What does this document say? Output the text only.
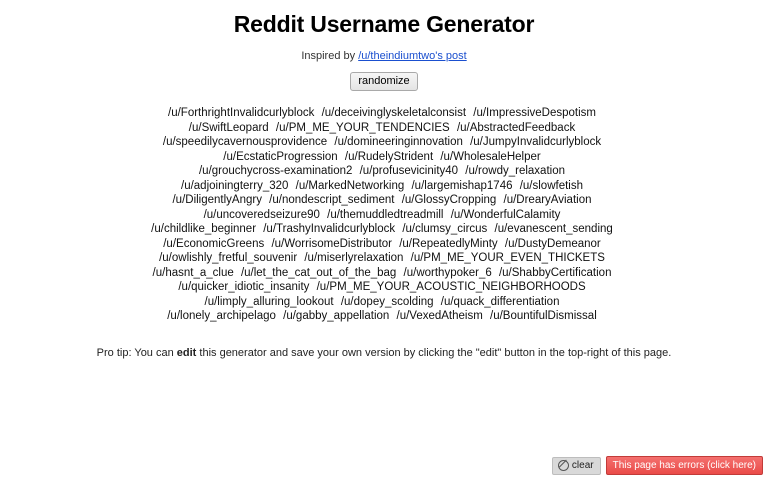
Reddit Username Generator

Inspired by /u/theindiumtwo's post

randomize
/u/ForthrightInvalidcurlyblock /u/deceivinglyskeletalconsist /u/ImpressiveDespotism /u/SwiftLeopard /u/PM_ME_YOUR_TENDENCIES /u/AbstractedFeedback /u/speedilycavernousprovidence /u/domineeringinnovation /u/JumpyInvalidcurlyblock /u/EcstaticProgression /u/RudelyStrident /u/WholesaleHelper /u/grouchycross-examination2 /u/profusevicinity40 /u/rowdy_relaxation /u/adjoiningterry_320 /u/MarkedNetworking /u/largemishap1746 /u/slowfetish /u/DiligentlyAngry /u/nondescript_sediment /u/GlossyCropping /u/DrearyAviation /u/uncoveredseizure90 /u/themuddledtreadmill /u/WonderfulCalamity /u/childlike_beginner /u/TrashyInvalidcurlyblock /u/clumsy_circus /u/evanescent_sending /u/EconomicGreens /u/WorrisomeDistributor /u/RepeatedlyMinty /u/DustyDemeanor /u/owlishly_fretful_souvenir /u/miserlyrelaxation /u/PM_ME_YOUR_EVEN_THICKETS /u/hasnt_a_clue /u/let_the_cat_out_of_the_bag /u/worthypoker_6 /u/ShabbyCertification /u/quicker_idiotic_insanity /u/PM_ME_YOUR_ACOUSTIC_NEIGHBORHOODS /u/limply_alluring_lookout /u/dopey_scolding /u/quack_differentiation /u/lonely_archipelago /u/gabby_appellation /u/VexedAtheism /u/BountifulDismissal

Pro tip: You can edit this generator and save your own version by clicking the "edit" button in the top-right of this page.

clear	This page has errors (click here)
